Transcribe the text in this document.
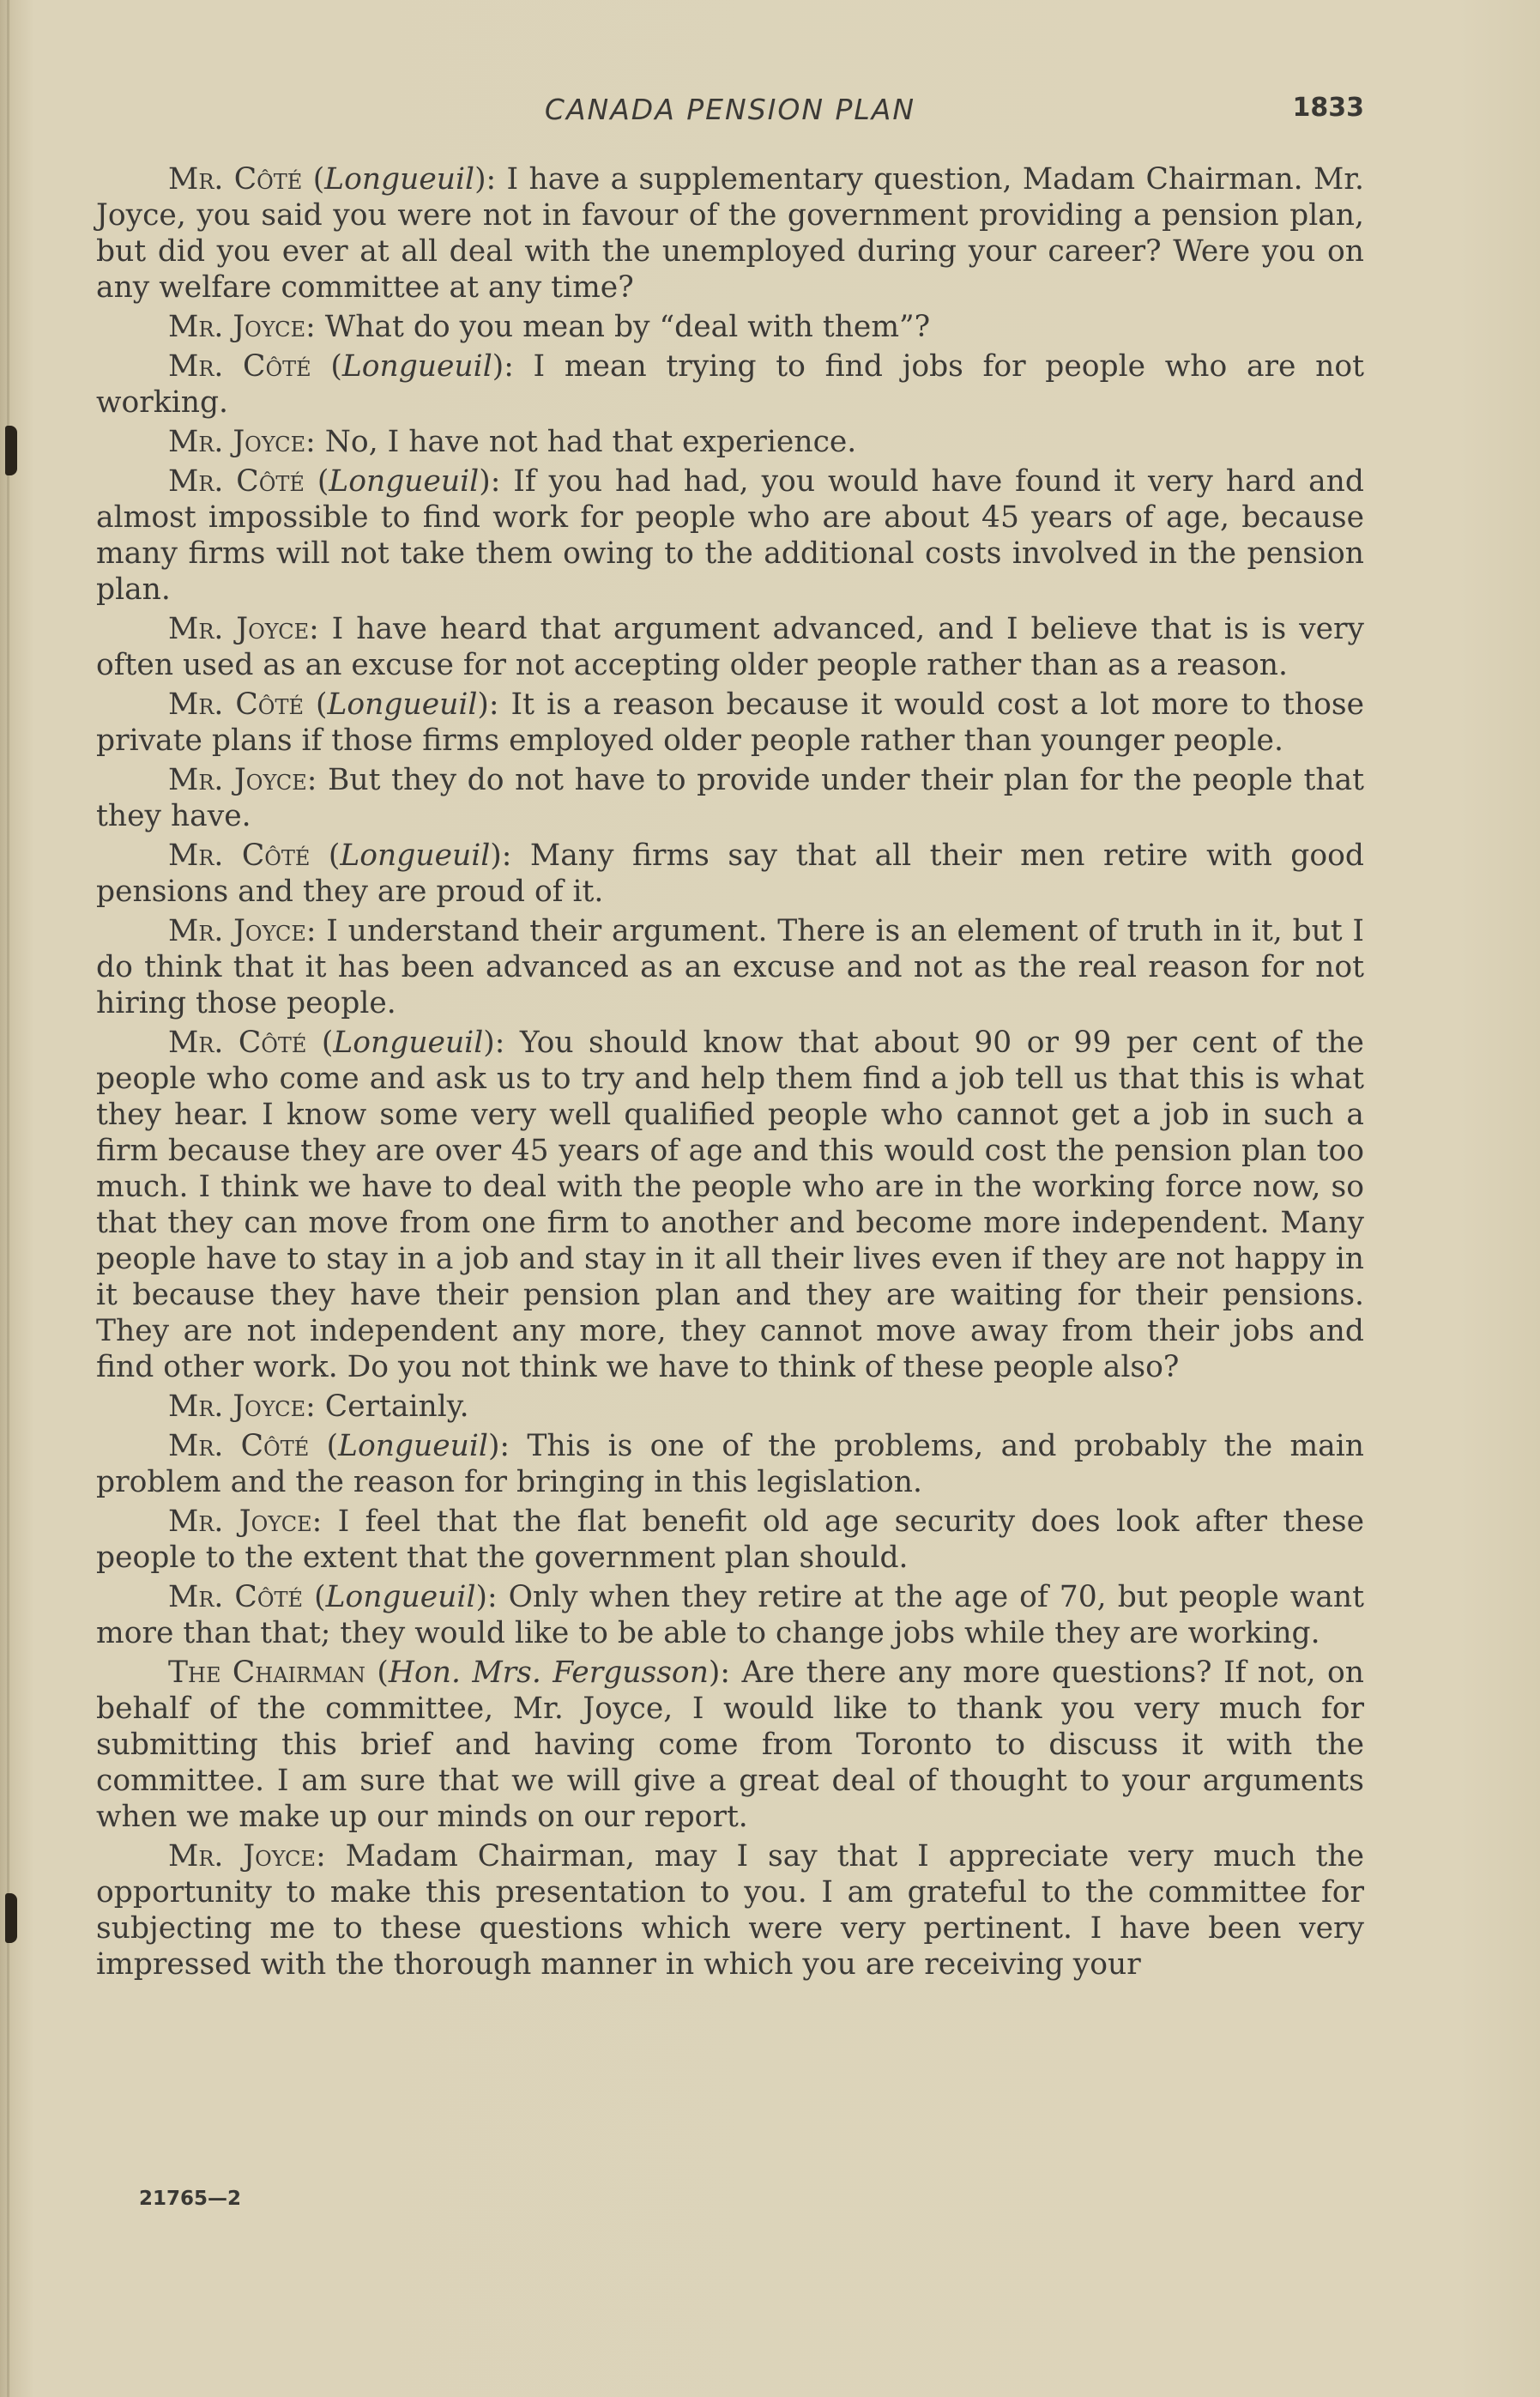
CANADA PENSION PLAN	1833

Mr. Côté (Longueuil): I have a supplementary question, Madam Chairman. Mr. Joyce, you said you were not in favour of the government providing a pension plan, but did you ever at all deal with the unemployed during your career? Were you on any welfare committee at any time?

Mr. Joyce: What do you mean by “deal with them”?

Mr. Côté (Longueuil): I mean trying to find jobs for people who are not working.

Mr. Joyce: No, I have not had that experience.

Mr. Côté (Longueuil): If you had had, you would have found it very hard and almost impossible to find work for people who are about 45 years of age, because many firms will not take them owing to the additional costs involved in the pension plan.

Mr. Joyce: I have heard that argument advanced, and I believe that is is very often used as an excuse for not accepting older people rather than as a reason.

Mr. Côté (Longueuil): It is a reason because it would cost a lot more to those private plans if those firms employed older people rather than younger people.

Mr. Joyce: But they do not have to provide under their plan for the people that they have.

Mr. Côté (Longueuil): Many firms say that all their men retire with good pensions and they are proud of it.

Mr. Joyce: I understand their argument. There is an element of truth in it, but I do think that it has been advanced as an excuse and not as the real reason for not hiring those people.

Mr. Côté (Longueuil): You should know that about 90 or 99 per cent of the people who come and ask us to try and help them find a job tell us that this is what they hear. I know some very well qualified people who cannot get a job in such a firm because they are over 45 years of age and this would cost the pension plan too much. I think we have to deal with the people who are in the working force now, so that they can move from one firm to another and become more independent. Many people have to stay in a job and stay in it all their lives even if they are not happy in it because they have their pension plan and they are waiting for their pensions. They are not independent any more, they cannot move away from their jobs and find other work. Do you not think we have to think of these people also?

Mr. Joyce: Certainly.

Mr. Côté (Longueuil): This is one of the problems, and probably the main problem and the reason for bringing in this legislation.

Mr. Joyce: I feel that the flat benefit old age security does look after these people to the extent that the government plan should.

Mr. Côté (Longueuil): Only when they retire at the age of 70, but people want more than that; they would like to be able to change jobs while they are working.

The Chairman (Hon. Mrs. Fergusson): Are there any more questions? If not, on behalf of the committee, Mr. Joyce, I would like to thank you very much for submitting this brief and having come from Toronto to discuss it with the committee. I am sure that we will give a great deal of thought to your arguments when we make up our minds on our report.

Mr. Joyce: Madam Chairman, may I say that I appreciate very much the opportunity to make this presentation to you. I am grateful to the committee for subjecting me to these questions which were very pertinent. I have been very impressed with the thorough manner in which you are receiving your

21765—2
